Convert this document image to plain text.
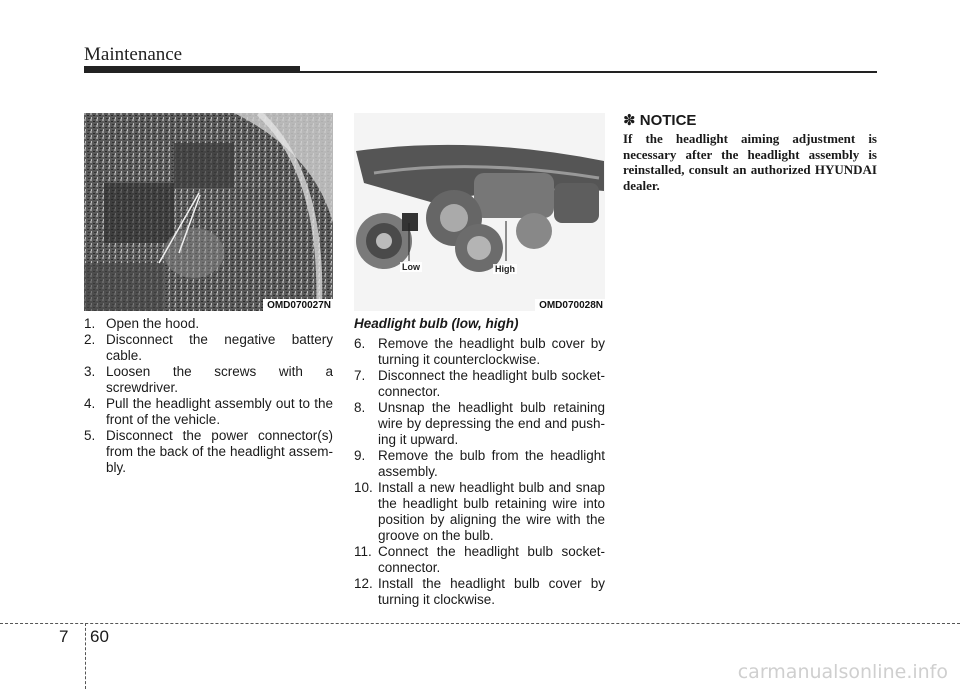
Maintenance
OMD070027N
Low	High
OMD070028N
1. Open the hood.
2. Disconnect the negative battery cable.
3. Loosen the screws with a screwdriver.
4. Pull the headlight assembly out to the front of the vehicle.
5. Disconnect the power connector(s) from the back of the headlight assem-bly.
Headlight bulb (low, high)
6. Remove the headlight bulb cover by turning it counterclockwise.
7. Disconnect the headlight bulb socket-connector.
8. Unsnap the headlight bulb retaining wire by depressing the end and push-ing it upward.
9. Remove the bulb from the headlight assembly.
10. Install a new headlight bulb and snap the headlight bulb retaining wire into position by aligning the wire with the groove on the bulb.
11. Connect the headlight bulb socket-connector.
12. Install the headlight bulb cover by turning it clockwise.
✽ NOTICE
If the headlight aiming adjustment is necessary after the headlight assembly is reinstalled, consult an authorized HYUNDAI dealer.
7 60
carmanualsonline.info
